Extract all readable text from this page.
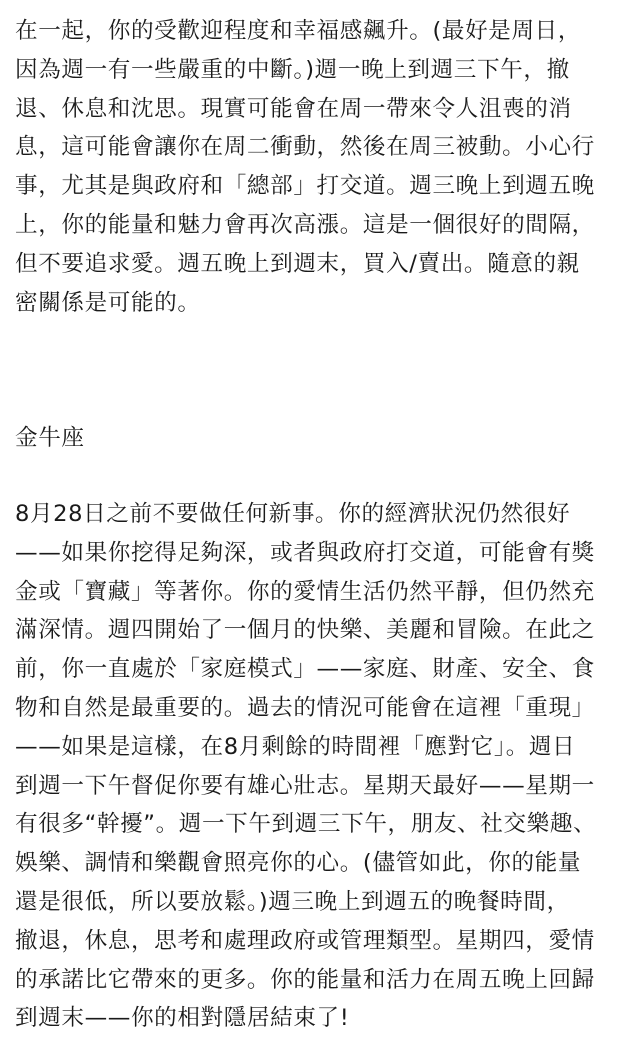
在一起，你的受歡迎程度和幸福感飆升。(最好是周日，
因為週一有一些嚴重的中斷。)週一晚上到週三下午，撤
退、休息和沈思。現實可能會在周一帶來令人沮喪的消
息，這可能會讓你在周二衝動，然後在周三被動。小心行
事，尤其是與政府和「總部」打交道。週三晚上到週五晚
上，你的能量和魅力會再次高漲。這是一個很好的間隔，
但不要追求愛。週五晚上到週末，買入/賣出。隨意的親
密關係是可能的。
金牛座
8月28日之前不要做任何新事。你的經濟狀況仍然很好
——如果你挖得足夠深，或者與政府打交道，可能會有獎
金或「寶藏」等著你。你的愛情生活仍然平靜，但仍然充
滿深情。週四開始了一個月的快樂、美麗和冒險。在此之
前，你一直處於「家庭模式」——家庭、財產、安全、食
物和自然是最重要的。過去的情況可能會在這裡「重現」
——如果是這樣，在8月剩餘的時間裡「應對它」。週日
到週一下午督促你要有雄心壯志。星期天最好——星期一
有很多“幹擾”。週一下午到週三下午，朋友、社交樂趣、
娛樂、調情和樂觀會照亮你的心。(儘管如此，你的能量
還是很低，所以要放鬆。)週三晚上到週五的晚餐時間，
撤退，休息，思考和處理政府或管理類型。星期四，愛情
的承諾比它帶來的更多。你的能量和活力在周五晚上回歸
到週末——你的相對隱居結束了!
